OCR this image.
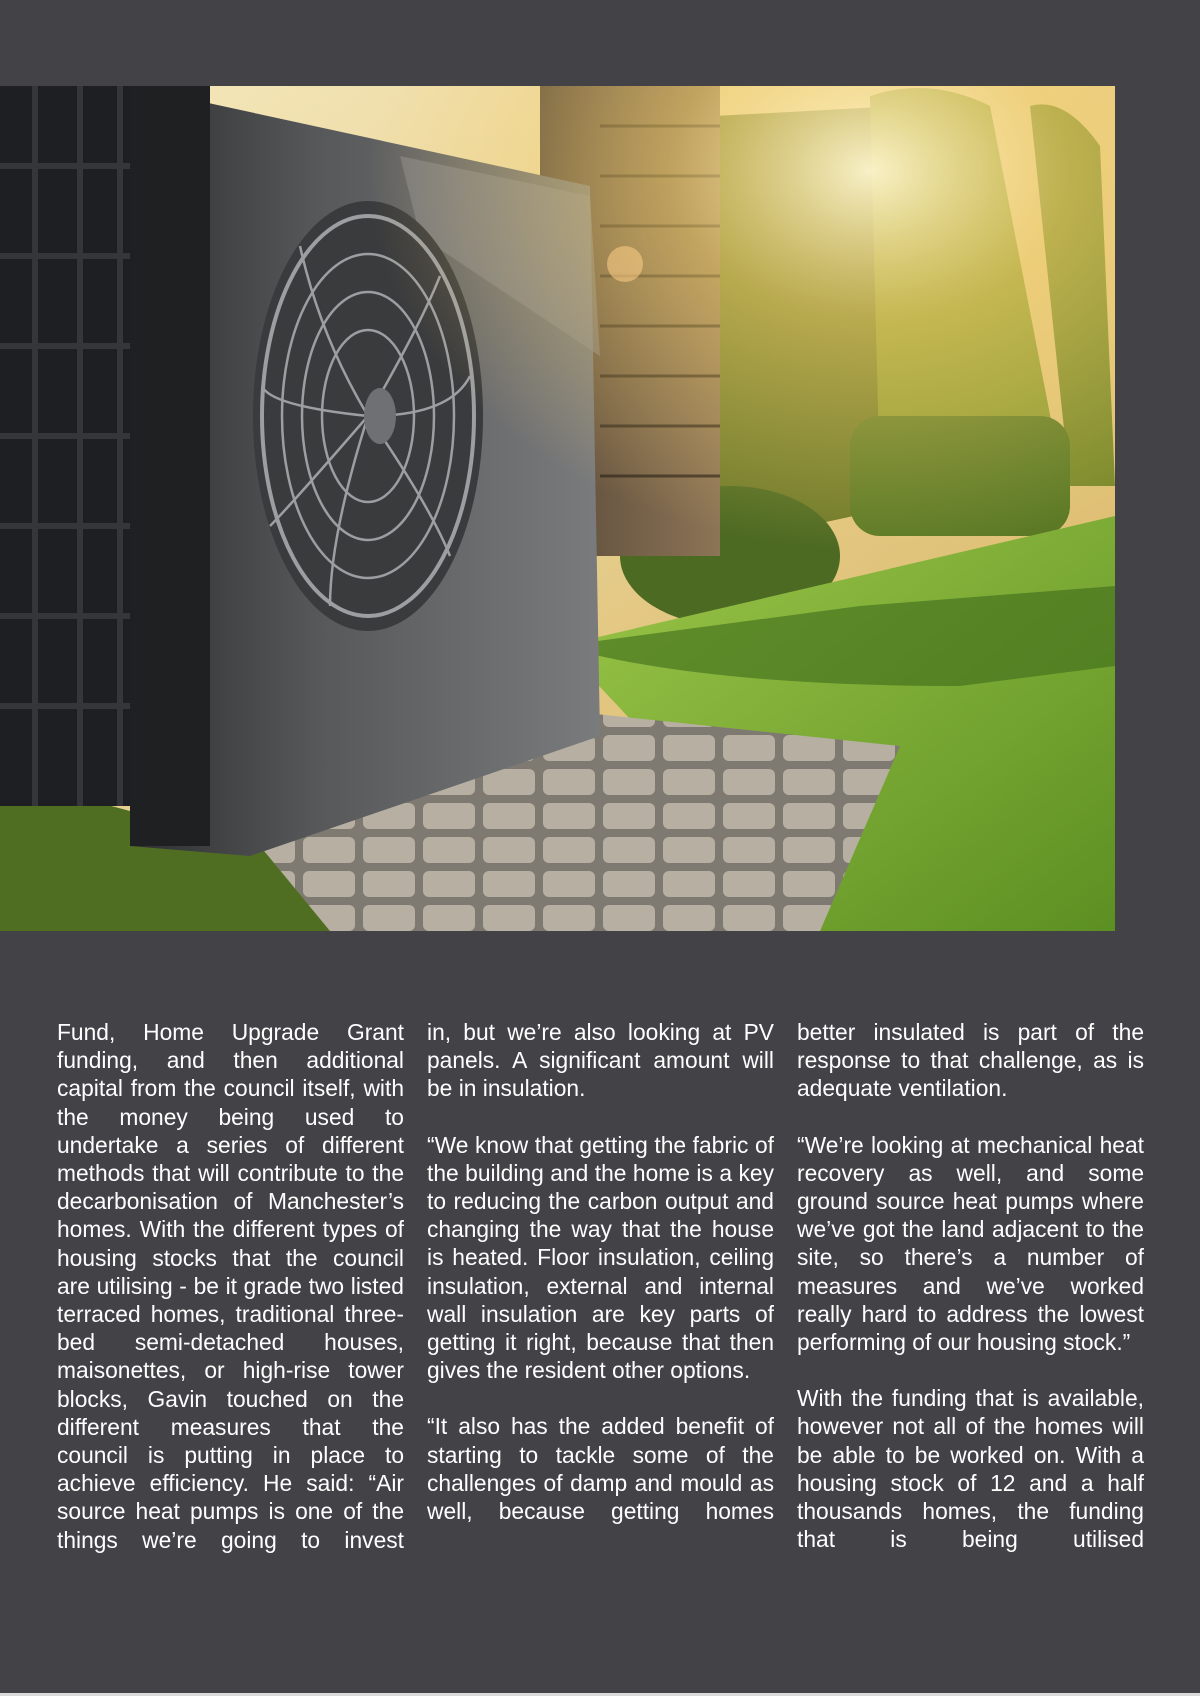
Fund, Home Upgrade Grant funding, and then additional capital from the council itself, with the money being used to undertake a series of different methods that will contribute to the decarbonisation of Manchester’s homes. With the different types of housing stocks that the council are utilising - be it grade two listed terraced homes, traditional three-bed semi-detached houses, maisonettes, or high-rise tower blocks, Gavin touched on the different measures that the council is putting in place to achieve efficiency. He said: “Air source heat pumps is one of the things we’re going to invest

in, but we’re also looking at PV panels. A significant amount will be in insulation.

“We know that getting the fabric of the building and the home is a key to reducing the carbon output and changing the way that the house is heated. Floor insulation, ceiling insulation, external and internal wall insulation are key parts of getting it right, because that then gives the resident other options.

“It also has the added benefit of starting to tackle some of the challenges of damp and mould as well, because getting homes

better insulated is part of the response to that challenge, as is adequate ventilation.

“We’re looking at mechanical heat recovery as well, and some ground source heat pumps where we’ve got the land adjacent to the site, so there’s a number of measures and we’ve worked really hard to address the lowest performing of our housing stock.”

With the funding that is available, however not all of the homes will be able to be worked on. With a housing stock of 12 and a half thousands homes, the funding that is being utilised
